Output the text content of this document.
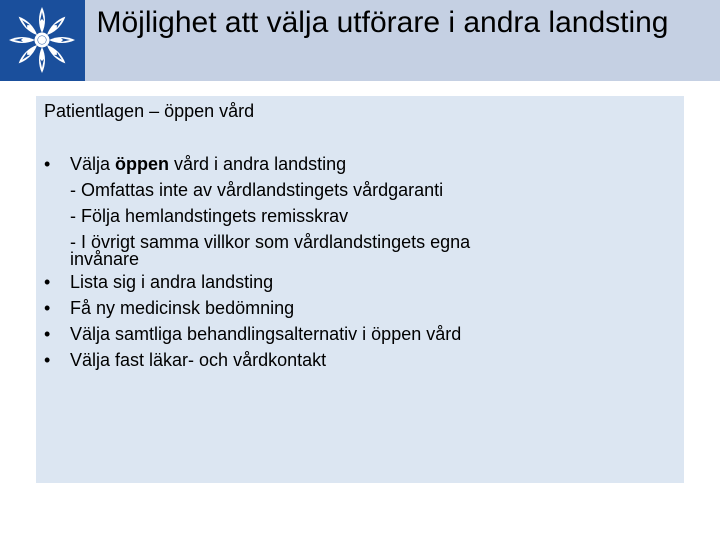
Möjlighet att välja utförare i andra landsting
Patientlagen – öppen vård
• Välja öppen vård i andra landsting
- Omfattas inte av vårdlandstingets vårdgaranti
- Följa hemlandstingets remisskrav
- I övrigt samma villkor som vårdlandstingets egna
invånare
• Lista sig i andra landsting
• Få ny medicinsk bedömning
• Välja samtliga behandlingsalternativ i öppen vård
• Välja fast läkar- och vårdkontakt
